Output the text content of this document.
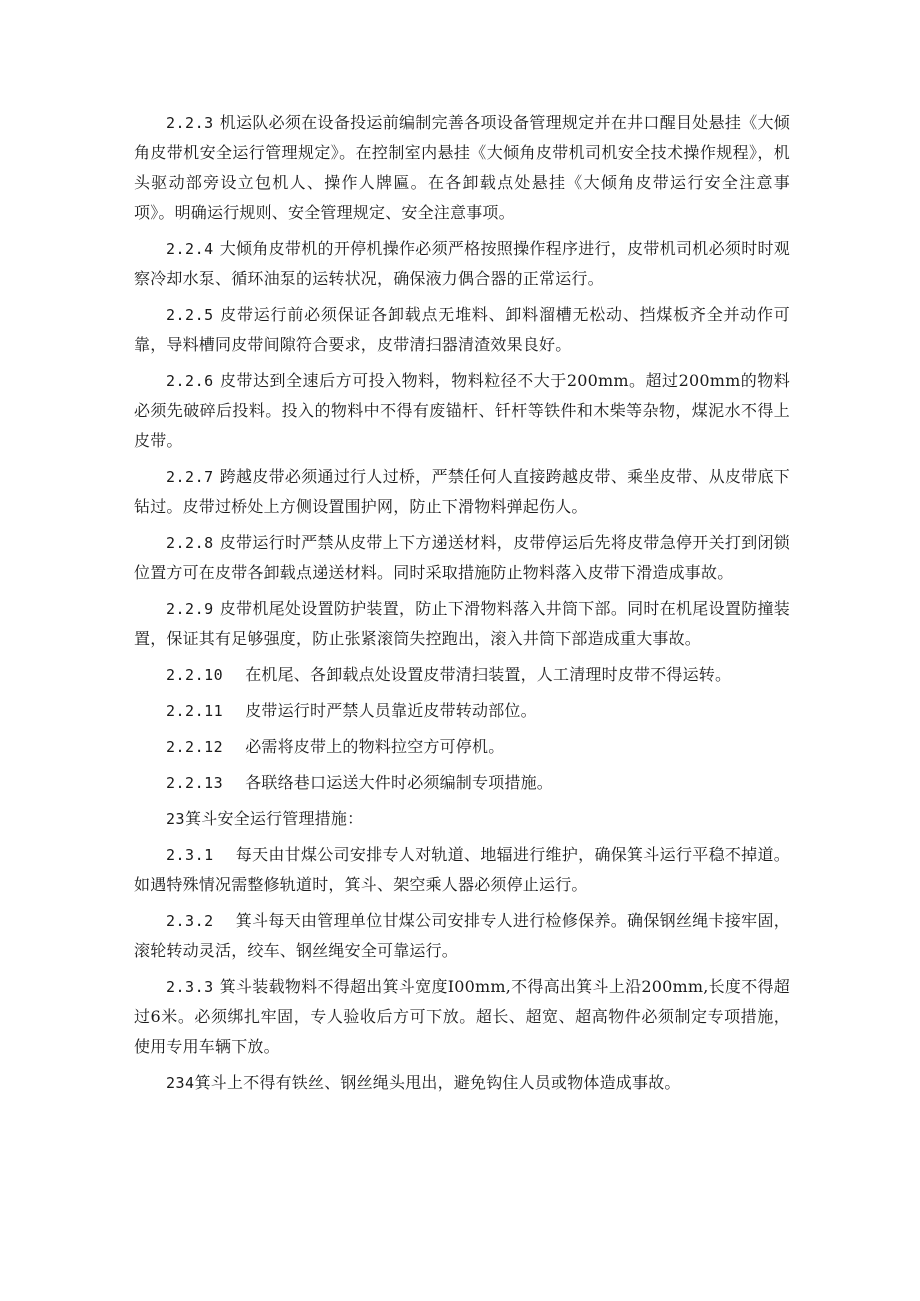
2.2.3 机运队必须在设备投运前编制完善各项设备管理规定并在井口醒目处悬挂《大倾角皮带机安全运行管理规定》。在控制室内悬挂《大倾角皮带机司机安全技术操作规程》，机头驱动部旁设立包机人、操作人牌匾。在各卸载点处悬挂《大倾角皮带运行安全注意事项》。明确运行规则、安全管理规定、安全注意事项。

2.2.4 大倾角皮带机的开停机操作必须严格按照操作程序进行，皮带机司机必须时时观察冷却水泵、循环油泵的运转状况，确保液力偶合器的正常运行。

2.2.5 皮带运行前必须保证各卸载点无堆料、卸料溜槽无松动、挡煤板齐全并动作可靠，导料槽同皮带间隙符合要求，皮带清扫器清渣效果良好。

2.2.6 皮带达到全速后方可投入物料，物料粒径不大于200mm。超过200mm的物料必须先破碎后投料。投入的物料中不得有废锚杆、钎杆等铁件和木柴等杂物，煤泥水不得上皮带。

2.2.7 跨越皮带必须通过行人过桥，严禁任何人直接跨越皮带、乘坐皮带、从皮带底下钻过。皮带过桥处上方侧设置围护网，防止下滑物料弹起伤人。

2.2.8 皮带运行时严禁从皮带上下方递送材料，皮带停运后先将皮带急停开关打到闭锁位置方可在皮带各卸载点递送材料。同时采取措施防止物料落入皮带下滑造成事故。

2.2.9 皮带机尾处设置防护装置，防止下滑物料落入井筒下部。同时在机尾设置防撞装置，保证其有足够强度，防止张紧滚筒失控跑出，滚入井筒下部造成重大事故。

2.2.10 在机尾、各卸载点处设置皮带清扫装置，人工清理时皮带不得运转。

2.2.11 皮带运行时严禁人员靠近皮带转动部位。

2.2.12 必需将皮带上的物料拉空方可停机。

2.2.13 各联络巷口运送大件时必须编制专项措施。

23箕斗安全运行管理措施：

2.3.1 每天由甘煤公司安排专人对轨道、地辐进行维护，确保箕斗运行平稳不掉道。如遇特殊情况需整修轨道时，箕斗、架空乘人器必须停止运行。

2.3.2 箕斗每天由管理单位甘煤公司安排专人进行检修保养。确保钢丝绳卡接牢固，滚轮转动灵活，绞车、钢丝绳安全可靠运行。

2.3.3 箕斗装载物料不得超出箕斗宽度I00mm,不得高出箕斗上沿200mm,长度不得超过6米。必须绑扎牢固，专人验收后方可下放。超长、超宽、超高物件必须制定专项措施，使用专用车辆下放。

234箕斗上不得有铁丝、钢丝绳头甩出，避免钩住人员或物体造成事故。
